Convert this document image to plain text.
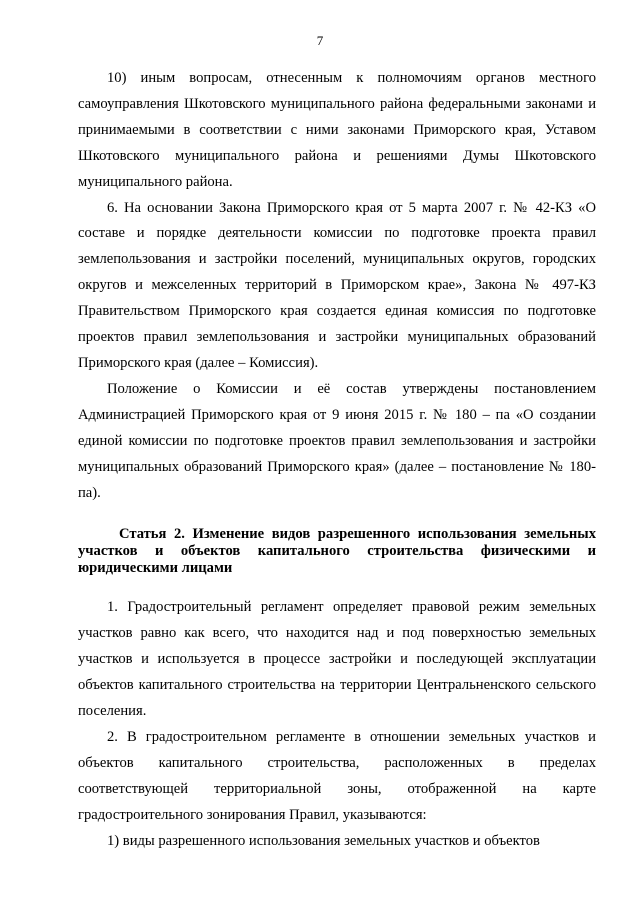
7

10) иным вопросам, отнесенным к полномочиям органов местного самоуправления Шкотовского муниципального района федеральными законами и принимаемыми в соответствии с ними законами Приморского края, Уставом Шкотовского муниципального района и решениями Думы Шкотовского муниципального района.

6. На основании Закона Приморского края от 5 марта 2007 г. № 42-КЗ «О составе и порядке деятельности комиссии по подготовке проекта правил землепользования и застройки поселений, муниципальных округов, городских округов и межселенных территорий в Приморском крае», Закона № 497-КЗ Правительством Приморского края создается единая комиссия по подготовке проектов правил землепользования и застройки муниципальных образований Приморского края (далее – Комиссия).

Положение о Комиссии и её состав утверждены постановлением Администрацией Приморского края от 9 июня 2015 г. № 180 – па «О создании единой комиссии по подготовке проектов правил землепользования и застройки муниципальных образований Приморского края» (далее – постановление № 180-па).

Статья 2. Изменение видов разрешенного использования земельных участков и объектов капитального строительства физическими и юридическими лицами

1. Градостроительный регламент определяет правовой режим земельных участков равно как всего, что находится над и под поверхностью земельных участков и используется в процессе застройки и последующей эксплуатации объектов капитального строительства на территории Центральненского сельского поселения.

2. В градостроительном регламенте в отношении земельных участков и объектов капитального строительства, расположенных в пределах соответствующей территориальной зоны, отображенной на карте градостроительного зонирования Правил, указываются:

1) виды разрешенного использования земельных участков и объектов
